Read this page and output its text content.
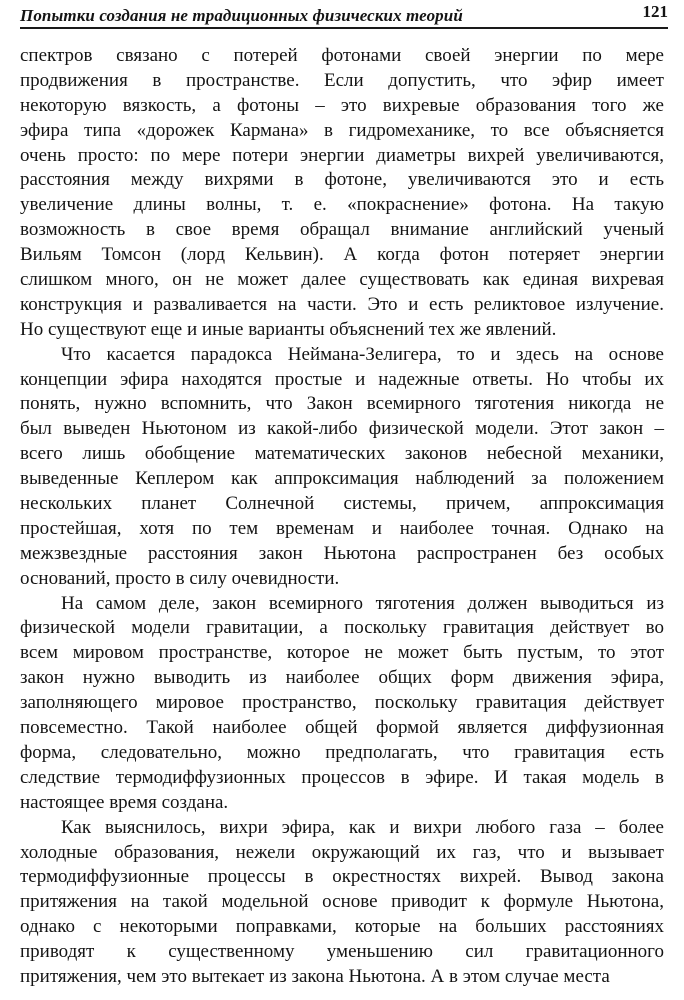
Попытки создания не традиционных физических теорий	121
спектров связано с потерей фотонами своей энергии по мере
продвижения в пространстве. Если допустить, что эфир имеет
некоторую вязкость, а фотоны – это вихревые образования того же
эфира типа «дорожек Кармана» в гидромеханике, то все объясняется
очень просто: по мере потери энергии диаметры вихрей увеличиваются,
расстояния между вихрями в фотоне, увеличиваются это и есть
увеличение длины волны, т. е. «покраснение» фотона. На такую
возможность в свое время обращал внимание английский ученый
Вильям Томсон (лорд Кельвин). А когда фотон потеряет энергии
слишком много, он не может далее существовать как единая вихревая
конструкция и разваливается на части. Это и есть реликтовое излучение.
Но существуют еще и иные варианты объяснений тех же явлений.
Что касается парадокса Неймана-Зелигера, то и здесь на основе
концепции эфира находятся простые и надежные ответы. Но чтобы их
понять, нужно вспомнить, что Закон всемирного тяготения никогда не
был выведен Ньютоном из какой-либо физической модели. Этот закон –
всего лишь обобщение математических законов небесной механики,
выведенные Кеплером как аппроксимация наблюдений за положением
нескольких планет Солнечной системы, причем, аппроксимация
простейшая, хотя по тем временам и наиболее точная. Однако на
межзвездные расстояния закон Ньютона распространен без особых
оснований, просто в силу очевидности.
На самом деле, закон всемирного тяготения должен выводиться из
физической модели гравитации, а поскольку гравитация действует во
всем мировом пространстве, которое не может быть пустым, то этот
закон нужно выводить из наиболее общих форм движения эфира,
заполняющего мировое пространство, поскольку гравитация действует
повсеместно. Такой наиболее общей формой является диффузионная
форма, следовательно, можно предполагать, что гравитация есть
следствие термодиффузионных процессов в эфире. И такая модель в
настоящее время создана.
Как выяснилось, вихри эфира, как и вихри любого газа – более
холодные образования, нежели окружающий их газ, что и вызывает
термодиффузионные процессы в окрестностях вихрей. Вывод закона
притяжения на такой модельной основе приводит к формуле Ньютона,
однако с некоторыми поправками, которые на больших расстояниях
приводят к существенному уменьшению сил гравитационного
притяжения, чем это вытекает из закона Ньютона. А в этом случае места
